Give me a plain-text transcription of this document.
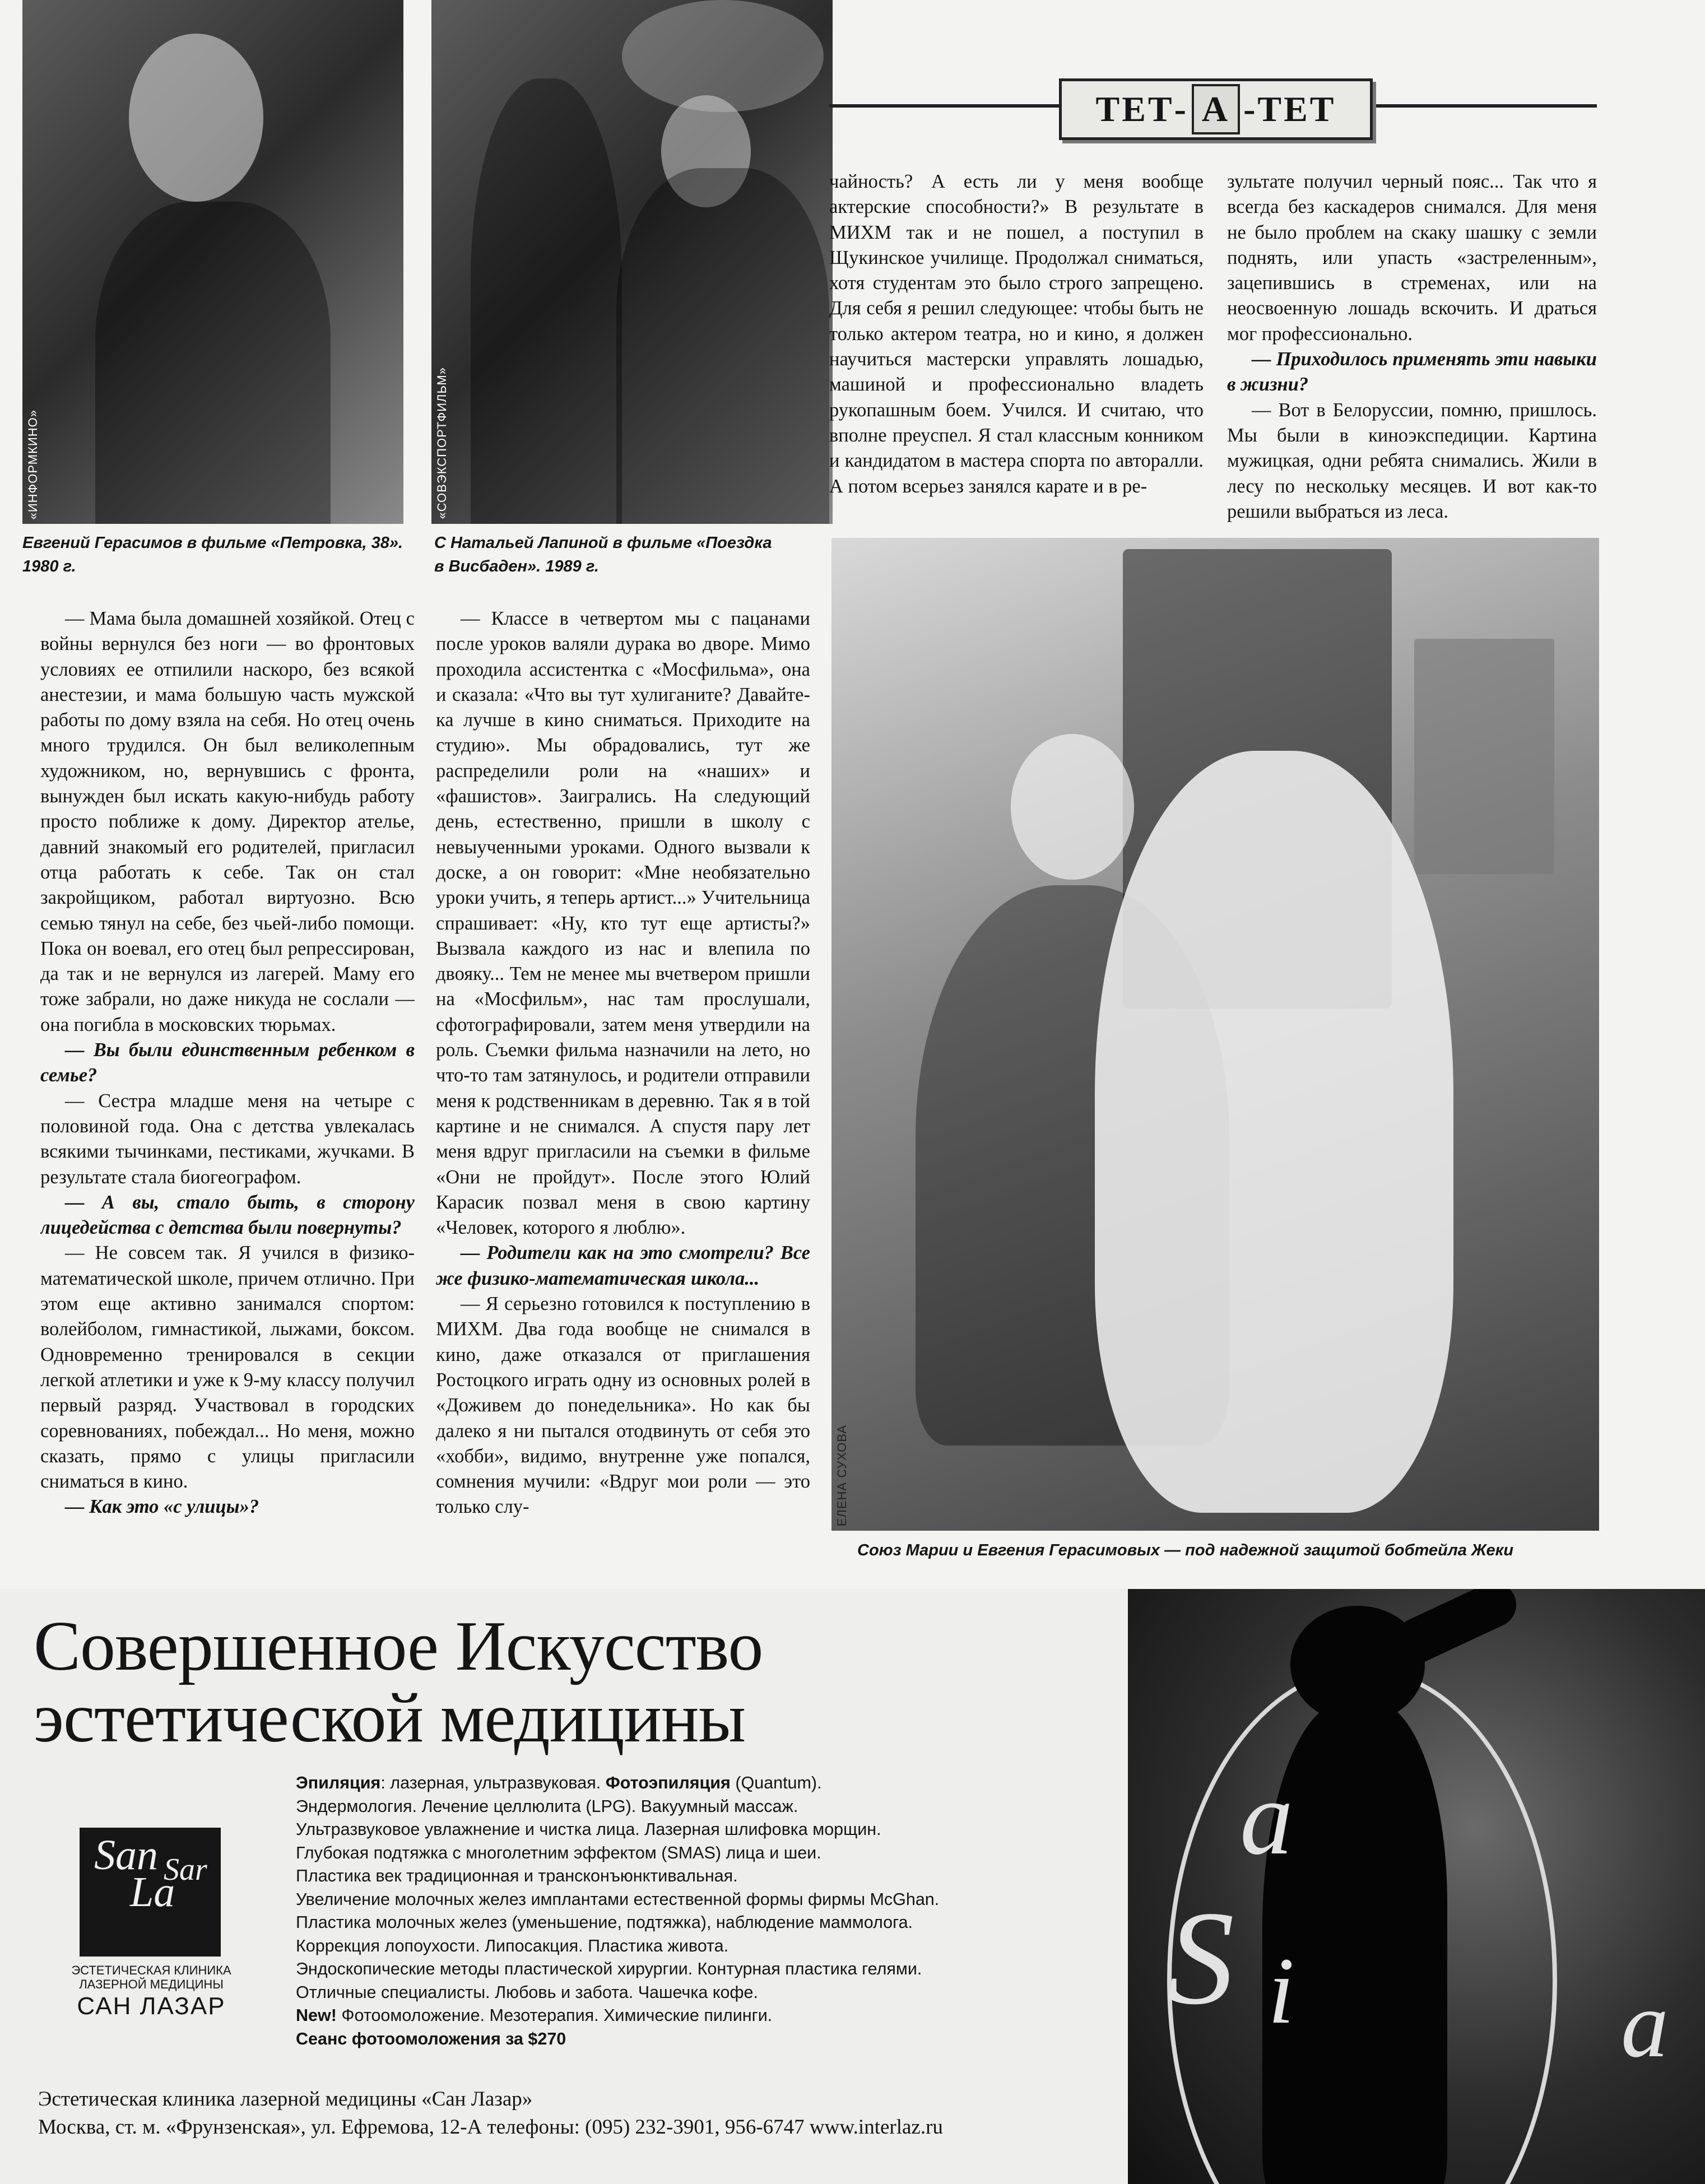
«ИНФОРМКИНО»	«СОВЭКСПОРТФИЛЬМ»
Евгений Герасимов в фильме «Петровка, 38».
1980 г.
С Натальей Лапиной в фильме «Поездка
в Висбаден». 1989 г.
ТЕТ - А - ТЕТ

— Мама была домашней хозяйкой. Отец с войны вернулся без ноги — во фронтовых условиях ее отпилили наскоро, без всякой анестезии, и мама большую часть мужской работы по дому взяла на себя. Но отец очень много трудился. Он был великолепным художником, но, вернувшись с фронта, вынужден был искать какую-нибудь работу просто поближе к дому. Директор ателье, давний знакомый его родителей, пригласил отца работать к себе. Так он стал закройщиком, работал виртуозно. Всю семью тянул на себе, без чьей-либо помощи. Пока он воевал, его отец был репрессирован, да так и не вернулся из лагерей. Маму его тоже забрали, но даже никуда не сослали — она погибла в московских тюрьмах.

— Вы были единственным ребенком в семье?

— Сестра младше меня на четыре с половиной года. Она с детства увлекалась всякими тычинками, пестиками, жучками. В результате стала биогеографом.

— А вы, стало быть, в сторону лицедейства с детства были повернуты?

— Не совсем так. Я учился в физико-математической школе, причем отлично. При этом еще активно занимался спортом: волейболом, гимнастикой, лыжами, боксом. Одновременно тренировался в секции легкой атлетики и уже к 9-му классу получил первый разряд. Участвовал в городских соревнованиях, побеждал... Но меня, можно сказать, прямо с улицы пригласили сниматься в кино.

— Как это «с улицы»?

— Классе в четвертом мы с пацанами после уроков валяли дурака во дворе. Мимо проходила ассистентка с «Мосфильма», она и сказала: «Что вы тут хулиганите? Давайте-ка лучше в кино сниматься. Приходите на студию». Мы обрадовались, тут же распределили роли на «наших» и «фашистов». Заигрались. На следующий день, естественно, пришли в школу с невыученными уроками. Одного вызвали к доске, а он говорит: «Мне необязательно уроки учить, я теперь артист...» Учительница спрашивает: «Ну, кто тут еще артисты?» Вызвала каждого из нас и влепила по двояку... Тем не менее мы вчетвером пришли на «Мосфильм», нас там прослушали, сфотографировали, затем меня утвердили на роль. Съемки фильма назначили на лето, но что-то там затянулось, и родители отправили меня к родственникам в деревню. Так я в той картине и не снимался. А спустя пару лет меня вдруг пригласили на съемки в фильме «Они не пройдут». После этого Юлий Карасик позвал меня в свою картину «Человек, которого я люблю».

— Родители как на это смотрели? Все же физико-математическая школа...

— Я серьезно готовился к поступлению в МИХМ. Два года вообще не снимался в кино, даже отказался от приглашения Ростоцкого играть одну из основных ролей в «Доживем до понедельника». Но как бы далеко я ни пытался отодвинуть от себя это «хобби», видимо, внутренне уже попался, сомнения мучили: «Вдруг мои роли — это только слу-

чайность? А есть ли у меня вообще актерские способности?» В результате в МИХМ так и не пошел, а поступил в Щукинское училище. Продолжал сниматься, хотя студентам это было строго запрещено. Для себя я решил следующее: чтобы быть не только актером театра, но и кино, я должен научиться мастерски управлять лошадью, машиной и профессионально владеть рукопашным боем. Учился. И считаю, что вполне преуспел. Я стал классным конником и кандидатом в мастера спорта по авторалли. А потом всерьез занялся карате и в ре-

зультате получил черный пояс... Так что я всегда без каскадеров снимался. Для меня не было проблем на скаку шашку с земли поднять, или упасть «застреленным», зацепившись в стременах, или на неосвоенную лошадь вскочить. И драться мог профессионально.

— Приходилось применять эти навыки в жизни?

— Вот в Белоруссии, помню, пришлось. Мы были в киноэкспедиции. Картина мужицкая, одни ребята снимались. Жили в лесу по нескольку месяцев. И вот как-то решили выбраться из леса.

ЕЛЕНА СУХОВА
Союз Марии и Евгения Герасимовых — под надежной защитой бобтейла Жеки
Совершенное Искусство
эстетической медицины
Эпиляция: лазерная, ультразвуковая. Фотоэпиляция (Quantum).
Эндермология. Лечение целлюлита (LPG). Вакуумный массаж.
Ультразвуковое увлажнение и чистка лица. Лазерная шлифовка морщин.
Глубокая подтяжка с многолетним эффектом (SMAS) лица и шеи.
Пластика век традиционная и трансконъюнктивальная.
Увеличение молочных желез имплантами естественной формы фирмы McGhan.
Пластика молочных желез (уменьшение, подтяжка), наблюдение маммолога.
Коррекция лопоухости. Липосакция. Пластика живота.
Эндоскопические методы пластической хирургии. Контурная пластика гелями.
Отличные специалисты. Любовь и забота. Чашечка кофе.
New! Фотоомоложение. Мезотерапия. Химические пилинги.
Сеанс фотоомоложения за $270
San
La
Sar
ЭСТЕТИЧЕСКАЯ КЛИНИКА
ЛАЗЕРНОЙ МЕДИЦИНЫ
САН ЛАЗАР
Эстетическая клиника лазерной медицины «Сан Лазар»
Москва, ст. м. «Фрунзенская», ул. Ефремова, 12-А телефоны: (095) 232-3901, 956-6747 www.interlaz.ru
a
S i	a
